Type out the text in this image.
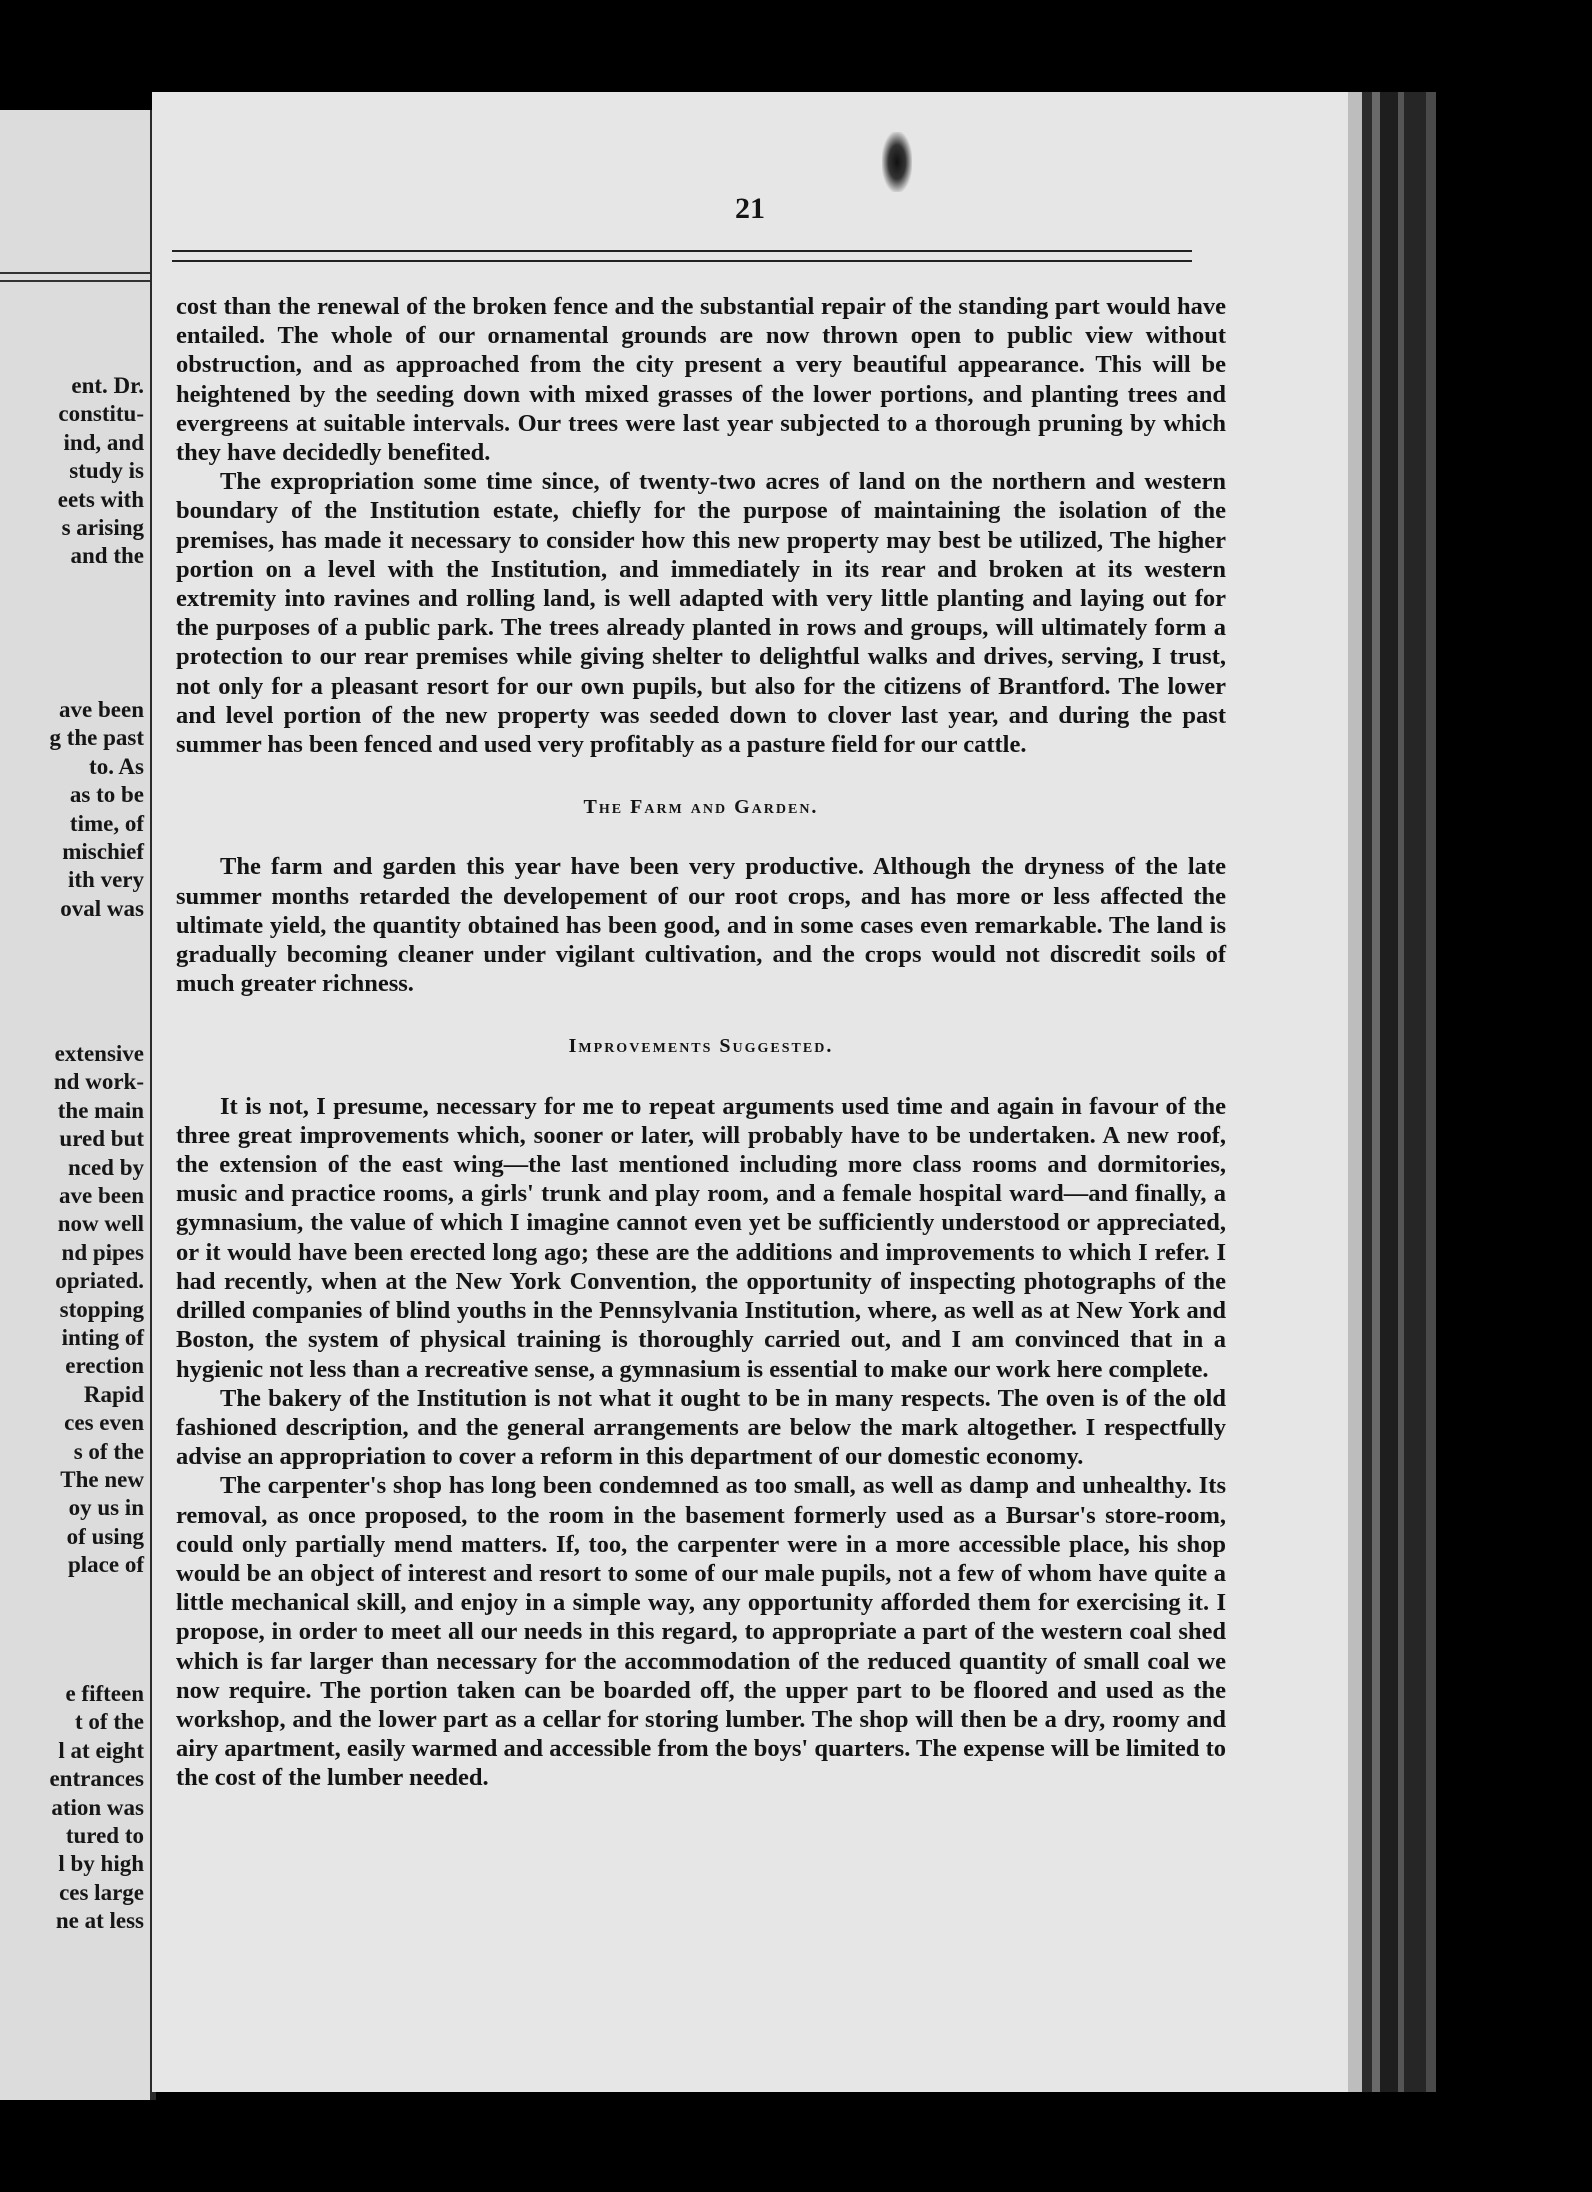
ent. Dr.
constitu-
ind, and
study is
eets with
s arising
and the
ave been
g the past
to. As
as to be
time, of
mischief
ith very
oval was
extensive
nd work-
the main
ured but
nced by
ave been
now well
nd pipes
opriated.
stopping
inting of
erection
Rapid
ces even
s of the
The new
oy us in
of using
place of
e fifteen
t of the
l at eight
entrances
ation was
tured to
l by high
ces large
ne at less
21

cost than the renewal of the broken fence and the substantial repair of the standing part would have entailed. The whole of our ornamental grounds are now thrown open to public view without obstruction, and as approached from the city present a very beautiful appearance. This will be heightened by the seeding down with mixed grasses of the lower portions, and planting trees and evergreens at suitable intervals. Our trees were last year subjected to a thorough pruning by which they have decidedly benefited.

The expropriation some time since, of twenty-two acres of land on the northern and western boundary of the Institution estate, chiefly for the purpose of maintaining the isolation of the premises, has made it necessary to consider how this new property may best be utilized, The higher portion on a level with the Institution, and immediately in its rear and broken at its western extremity into ravines and rolling land, is well adapted with very little planting and laying out for the purposes of a public park. The trees already planted in rows and groups, will ultimately form a protection to our rear premises while giving shelter to delightful walks and drives, serving, I trust, not only for a pleasant resort for our own pupils, but also for the citizens of Brantford. The lower and level portion of the new property was seeded down to clover last year, and during the past summer has been fenced and used very profitably as a pasture field for our cattle.

The Farm and Garden.

The farm and garden this year have been very productive. Although the dryness of the late summer months retarded the developement of our root crops, and has more or less affected the ultimate yield, the quantity obtained has been good, and in some cases even remarkable. The land is gradually becoming cleaner under vigilant cultivation, and the crops would not discredit soils of much greater richness.

Improvements Suggested.

It is not, I presume, necessary for me to repeat arguments used time and again in favour of the three great improvements which, sooner or later, will probably have to be undertaken. A new roof, the extension of the east wing—the last mentioned including more class rooms and dormitories, music and practice rooms, a girls' trunk and play room, and a female hospital ward—and finally, a gymnasium, the value of which I imagine cannot even yet be sufficiently understood or appreciated, or it would have been erected long ago; these are the additions and improvements to which I refer. I had recently, when at the New York Convention, the opportunity of inspecting photographs of the drilled companies of blind youths in the Pennsylvania Institution, where, as well as at New York and Boston, the system of physical training is thoroughly carried out, and I am convinced that in a hygienic not less than a recreative sense, a gymnasium is essential to make our work here complete.

The bakery of the Institution is not what it ought to be in many respects. The oven is of the old fashioned description, and the general arrangements are below the mark altogether. I respectfully advise an appropriation to cover a reform in this department of our domestic economy.

The carpenter's shop has long been condemned as too small, as well as damp and unhealthy. Its removal, as once proposed, to the room in the basement formerly used as a Bursar's store-room, could only partially mend matters. If, too, the carpenter were in a more accessible place, his shop would be an object of interest and resort to some of our male pupils, not a few of whom have quite a little mechanical skill, and enjoy in a simple way, any opportunity afforded them for exercising it. I propose, in order to meet all our needs in this regard, to appropriate a part of the western coal shed which is far larger than necessary for the accommodation of the reduced quantity of small coal we now require. The portion taken can be boarded off, the upper part to be floored and used as the workshop, and the lower part as a cellar for storing lumber. The shop will then be a dry, roomy and airy apartment, easily warmed and accessible from the boys' quarters. The expense will be limited to the cost of the lumber needed.
